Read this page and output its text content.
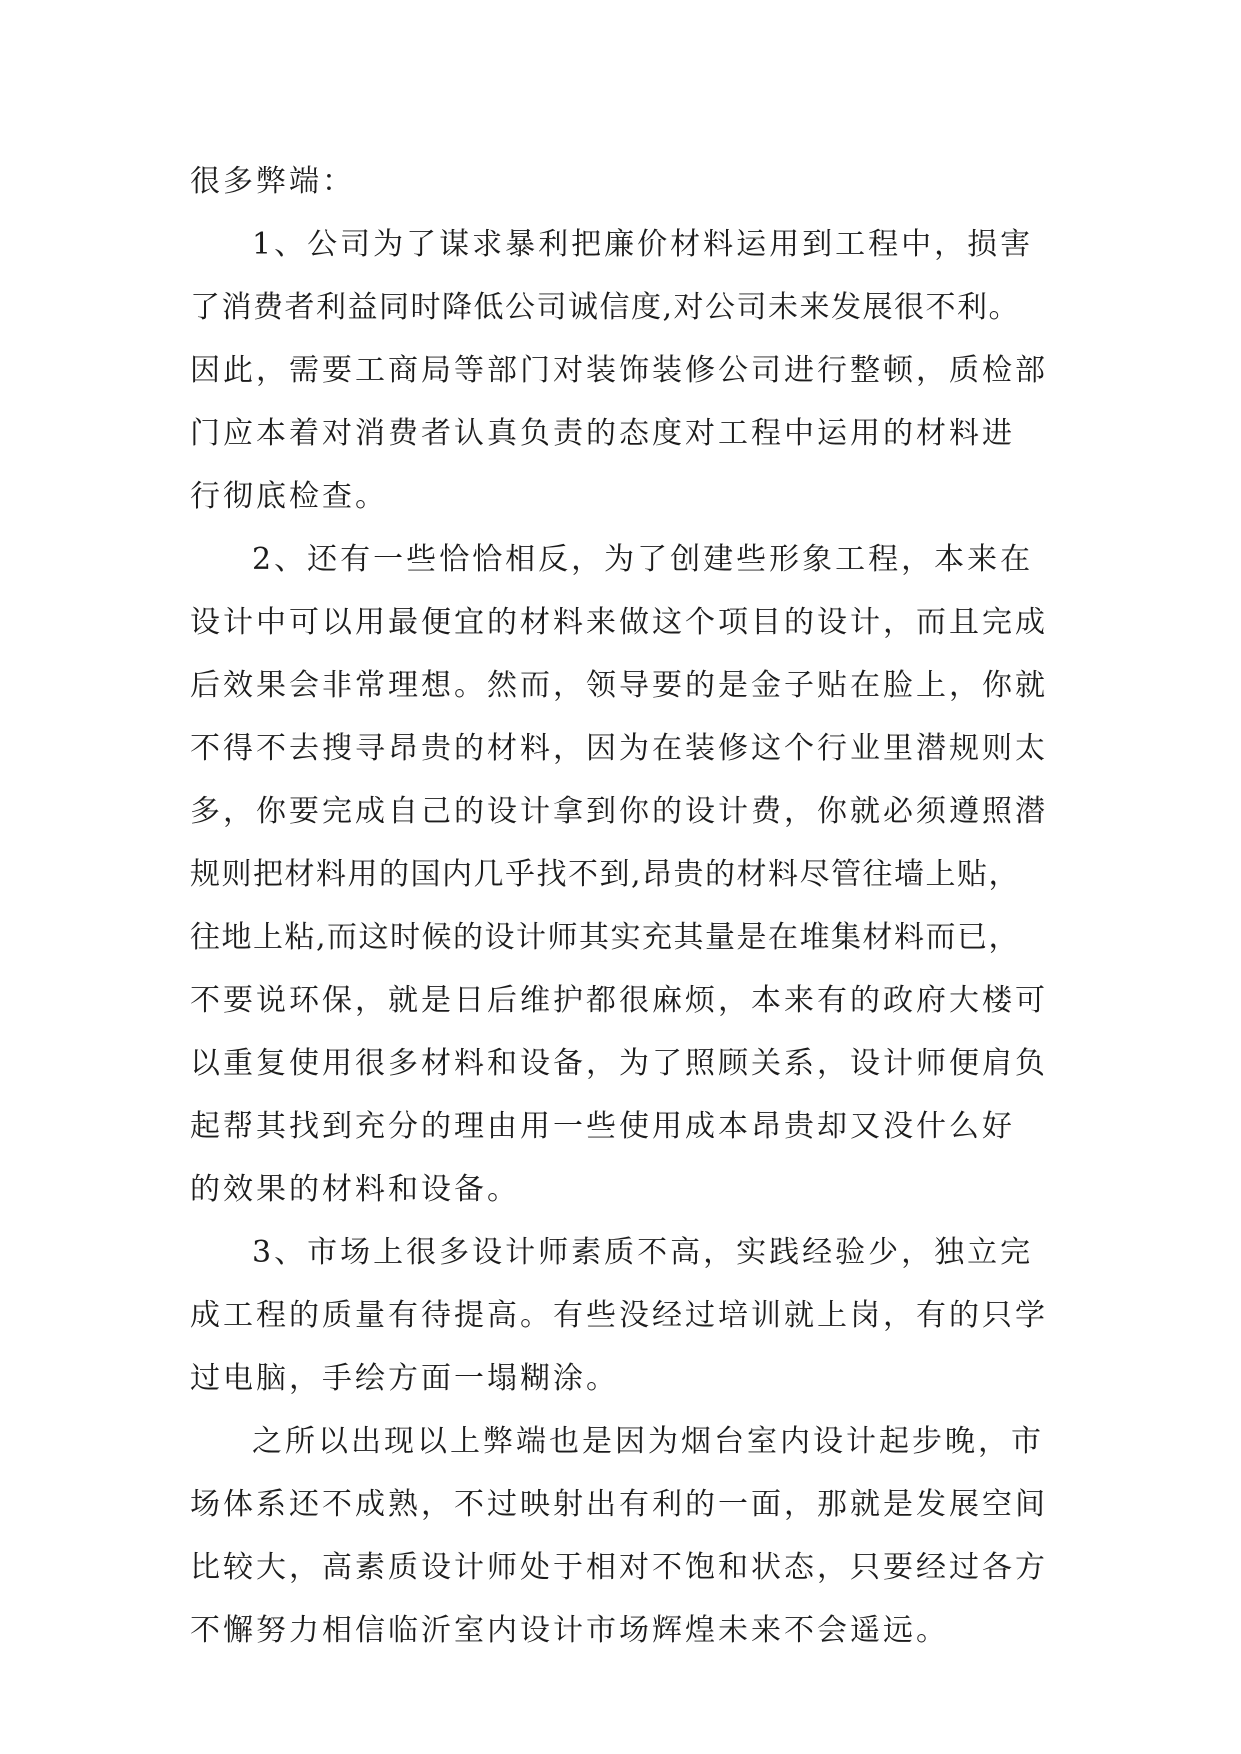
很多弊端：
1、公司为了谋求暴利把廉价材料运用到工程中，损害
了消费者利益同时降低公司诚信度,对公司未来发展很不利。
因此，需要工商局等部门对装饰装修公司进行整顿，质检部
门应本着对消费者认真负责的态度对工程中运用的材料进
行彻底检查。
2、还有一些恰恰相反，为了创建些形象工程，本来在
设计中可以用最便宜的材料来做这个项目的设计，而且完成
后效果会非常理想。然而，领导要的是金子贴在脸上，你就
不得不去搜寻昂贵的材料，因为在装修这个行业里潜规则太
多，你要完成自己的设计拿到你的设计费，你就必须遵照潜
规则把材料用的国内几乎找不到,昂贵的材料尽管往墙上贴，
往地上粘,而这时候的设计师其实充其量是在堆集材料而已，
不要说环保，就是日后维护都很麻烦，本来有的政府大楼可
以重复使用很多材料和设备，为了照顾关系，设计师便肩负
起帮其找到充分的理由用一些使用成本昂贵却又没什么好
的效果的材料和设备。
3、市场上很多设计师素质不高，实践经验少，独立完
成工程的质量有待提高。有些没经过培训就上岗，有的只学
过电脑，手绘方面一塌糊涂。
之所以出现以上弊端也是因为烟台室内设计起步晚，市
场体系还不成熟，不过映射出有利的一面，那就是发展空间
比较大，高素质设计师处于相对不饱和状态，只要经过各方
不懈努力相信临沂室内设计市场辉煌未来不会遥远。
